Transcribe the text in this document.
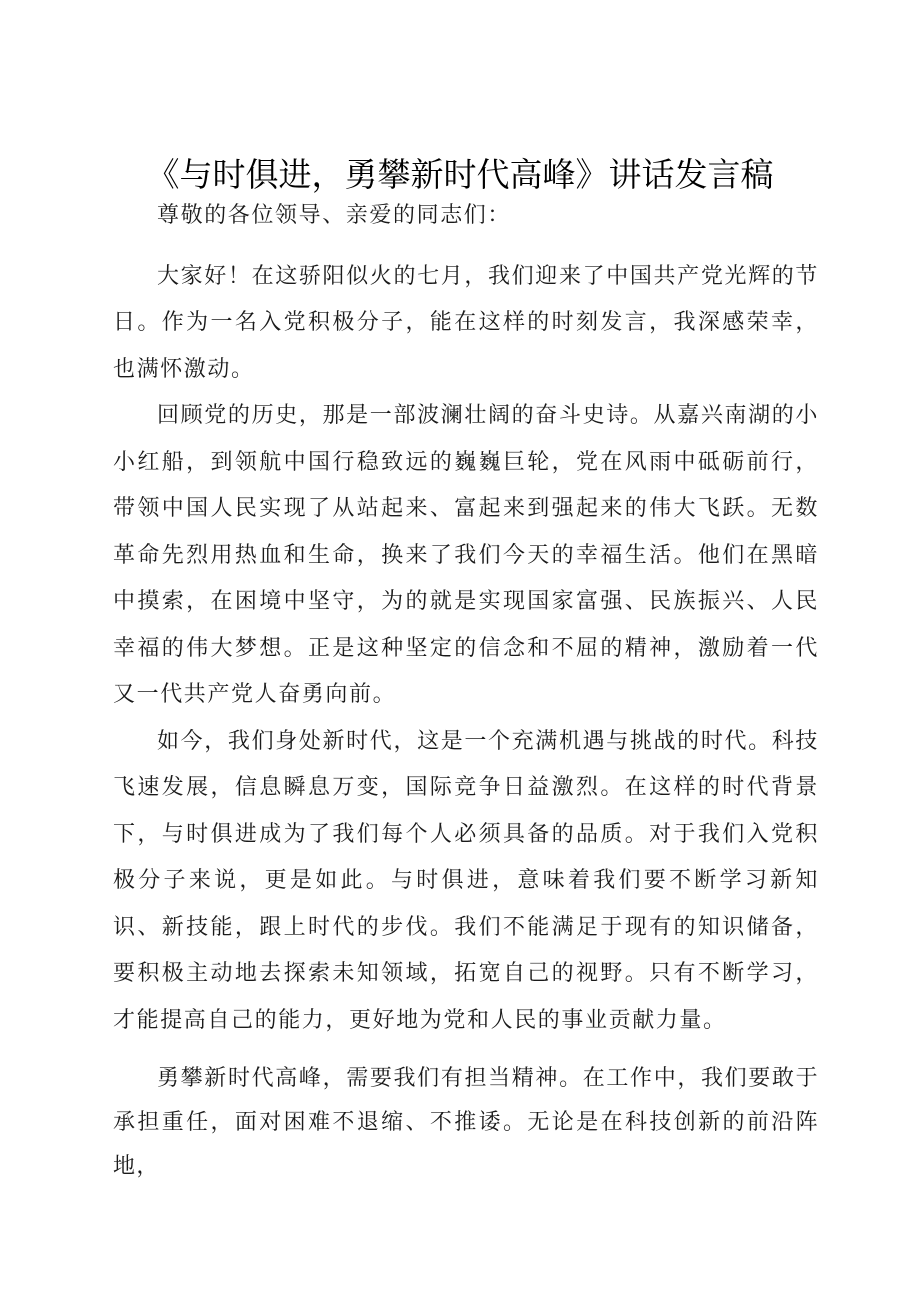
《与时俱进，勇攀新时代高峰》讲话发言稿

尊敬的各位领导、亲爱的同志们：

大家好！在这骄阳似火的七月，我们迎来了中国共产党光辉的节日。作为一名入党积极分子，能在这样的时刻发言，我深感荣幸，也满怀激动。

回顾党的历史，那是一部波澜壮阔的奋斗史诗。从嘉兴南湖的小小红船，到领航中国行稳致远的巍巍巨轮，党在风雨中砥砺前行，带领中国人民实现了从站起来、富起来到强起来的伟大飞跃。无数革命先烈用热血和生命，换来了我们今天的幸福生活。他们在黑暗中摸索，在困境中坚守，为的就是实现国家富强、民族振兴、人民幸福的伟大梦想。正是这种坚定的信念和不屈的精神，激励着一代又一代共产党人奋勇向前。

如今，我们身处新时代，这是一个充满机遇与挑战的时代。科技飞速发展，信息瞬息万变，国际竞争日益激烈。在这样的时代背景下，与时俱进成为了我们每个人必须具备的品质。对于我们入党积极分子来说，更是如此。与时俱进，意味着我们要不断学习新知识、新技能，跟上时代的步伐。我们不能满足于现有的知识储备，要积极主动地去探索未知领域，拓宽自己的视野。只有不断学习，才能提高自己的能力，更好地为党和人民的事业贡献力量。

勇攀新时代高峰，需要我们有担当精神。在工作中，我们要敢于承担重任，面对困难不退缩、不推诿。无论是在科技创新的前沿阵地，
